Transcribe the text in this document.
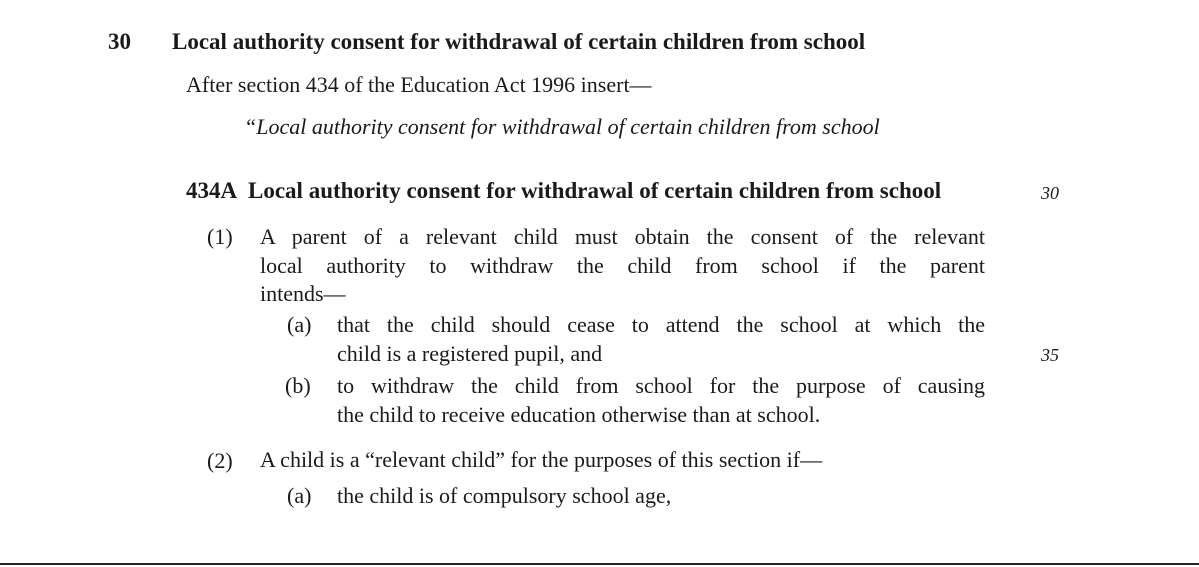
30 Local authority consent for withdrawal of certain children from school
After section 434 of the Education Act 1996 insert—
“Local authority consent for withdrawal of certain children from school
434A Local authority consent for withdrawal of certain children from school	30
35
(1) A parent of a relevant child must obtain the consent of the relevant
local authority to withdraw the child from school if the parent
intends—
(a) that the child should cease to attend the school at which the
child is a registered pupil, and
(b) to withdraw the child from school for the purpose of causing
the child to receive education otherwise than at school.
(2) A child is a “relevant child” for the purposes of this section if—
(a) the child is of compulsory school age,
